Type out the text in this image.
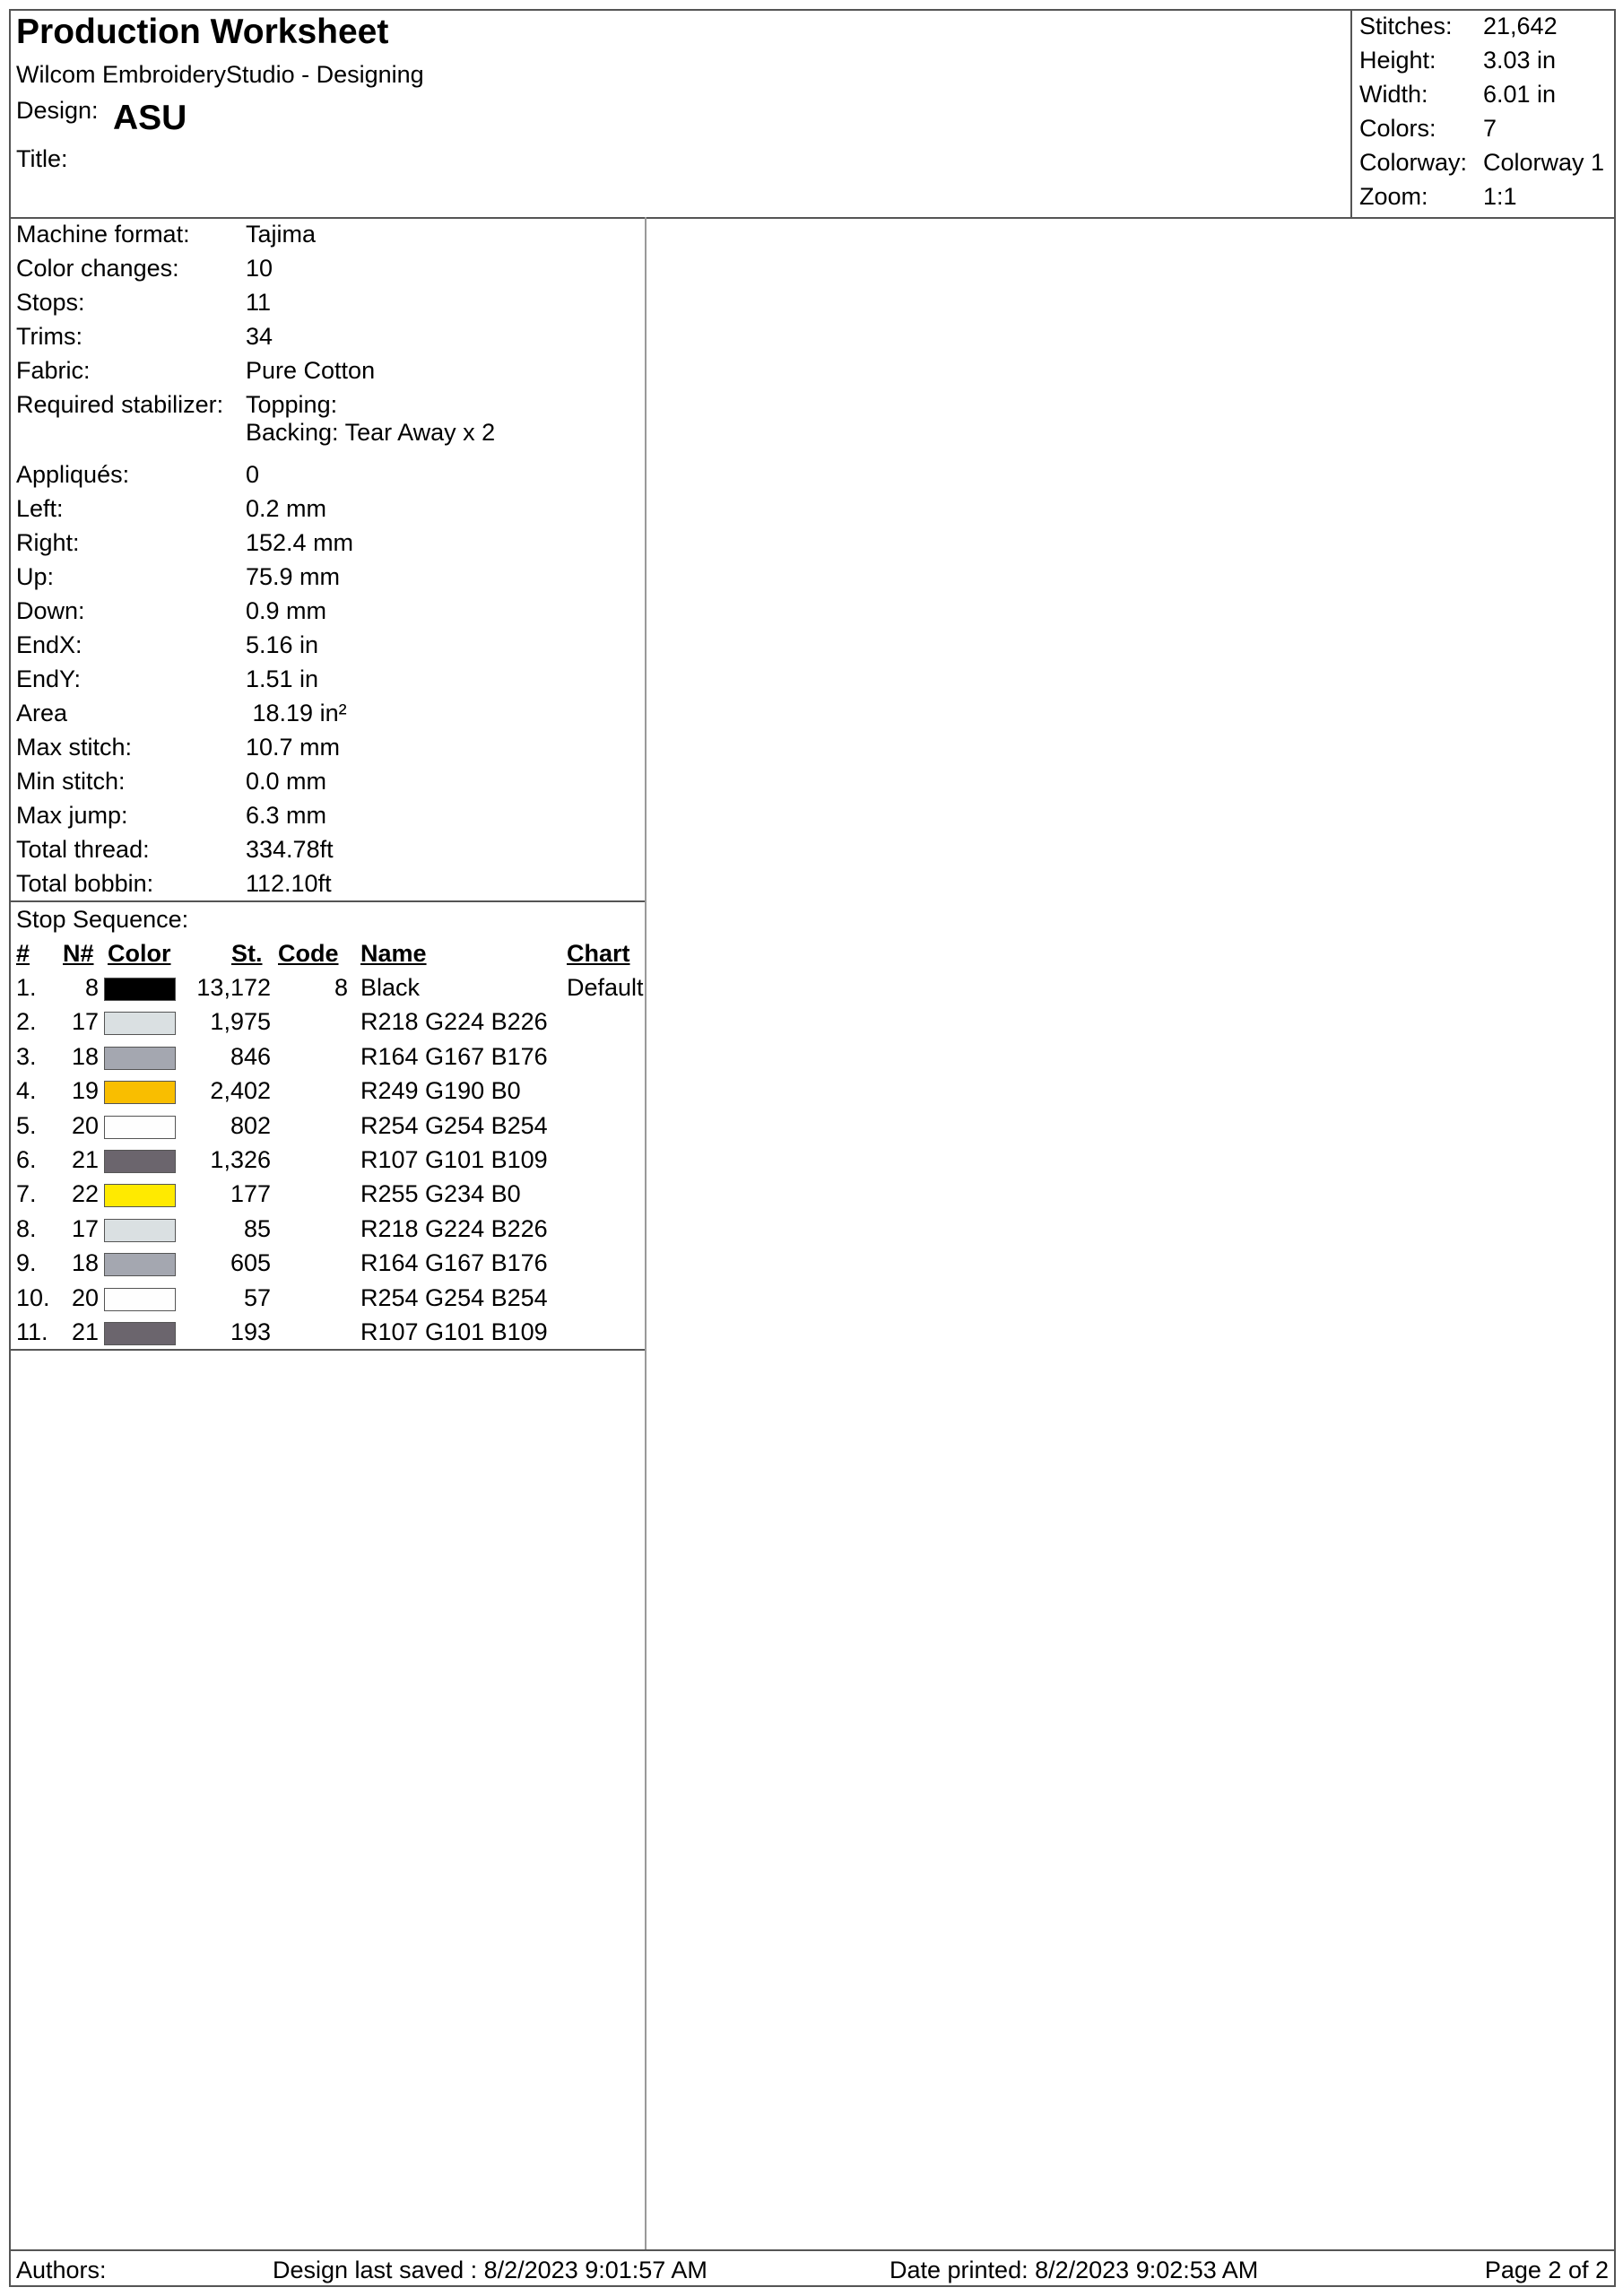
Production Worksheet
Wilcom EmbroideryStudio - Designing
Design: ASU
Title:
Stitches: 21,642
Height: 3.03 in
Width: 6.01 in
Colors: 7
Colorway: Colorway 1
Zoom: 1:1
Machine format: Tajima
Color changes:	10
Stops:	11
Trims:	34
Fabric:	Pure Cotton
Required stabilizer: Topping:
Backing: Tear Away x 2
Appliqués:	0
Left:	0.2 mm
Right:	152.4 mm
Up:	75.9 mm
Down:	0.9 mm
EndX:	5.16 in
EndY:	1.51 in
Area	18.19 in²
Max stitch:	10.7 mm
Min stitch:	0.0 mm
Max jump:	6.3 mm
Total thread:	334.78ft
Total bobbin:	112.10ft
Stop Sequence:
# N# Color	St. Code Name	Chart
1.	8	13,172	8 Black	Default
2.	17	1,975	R218 G224 B226
3.	18	846	R164 G167 B176
4.	19	2,402	R249 G190 B0
5.	20	802	R254 G254 B254
6.	21	1,326	R107 G101 B109
7.	22	177	R255 G234 B0
8.	17	85	R218 G224 B226
9.	18	605	R164 G167 B176
10. 20	57	R254 G254 B254
11. 21	193	R107 G101 B109
Authors:	Design last saved : 8/2/2023 9:01:57 AM	Date printed: 8/2/2023 9:02:53 AM	Page 2 of 2
